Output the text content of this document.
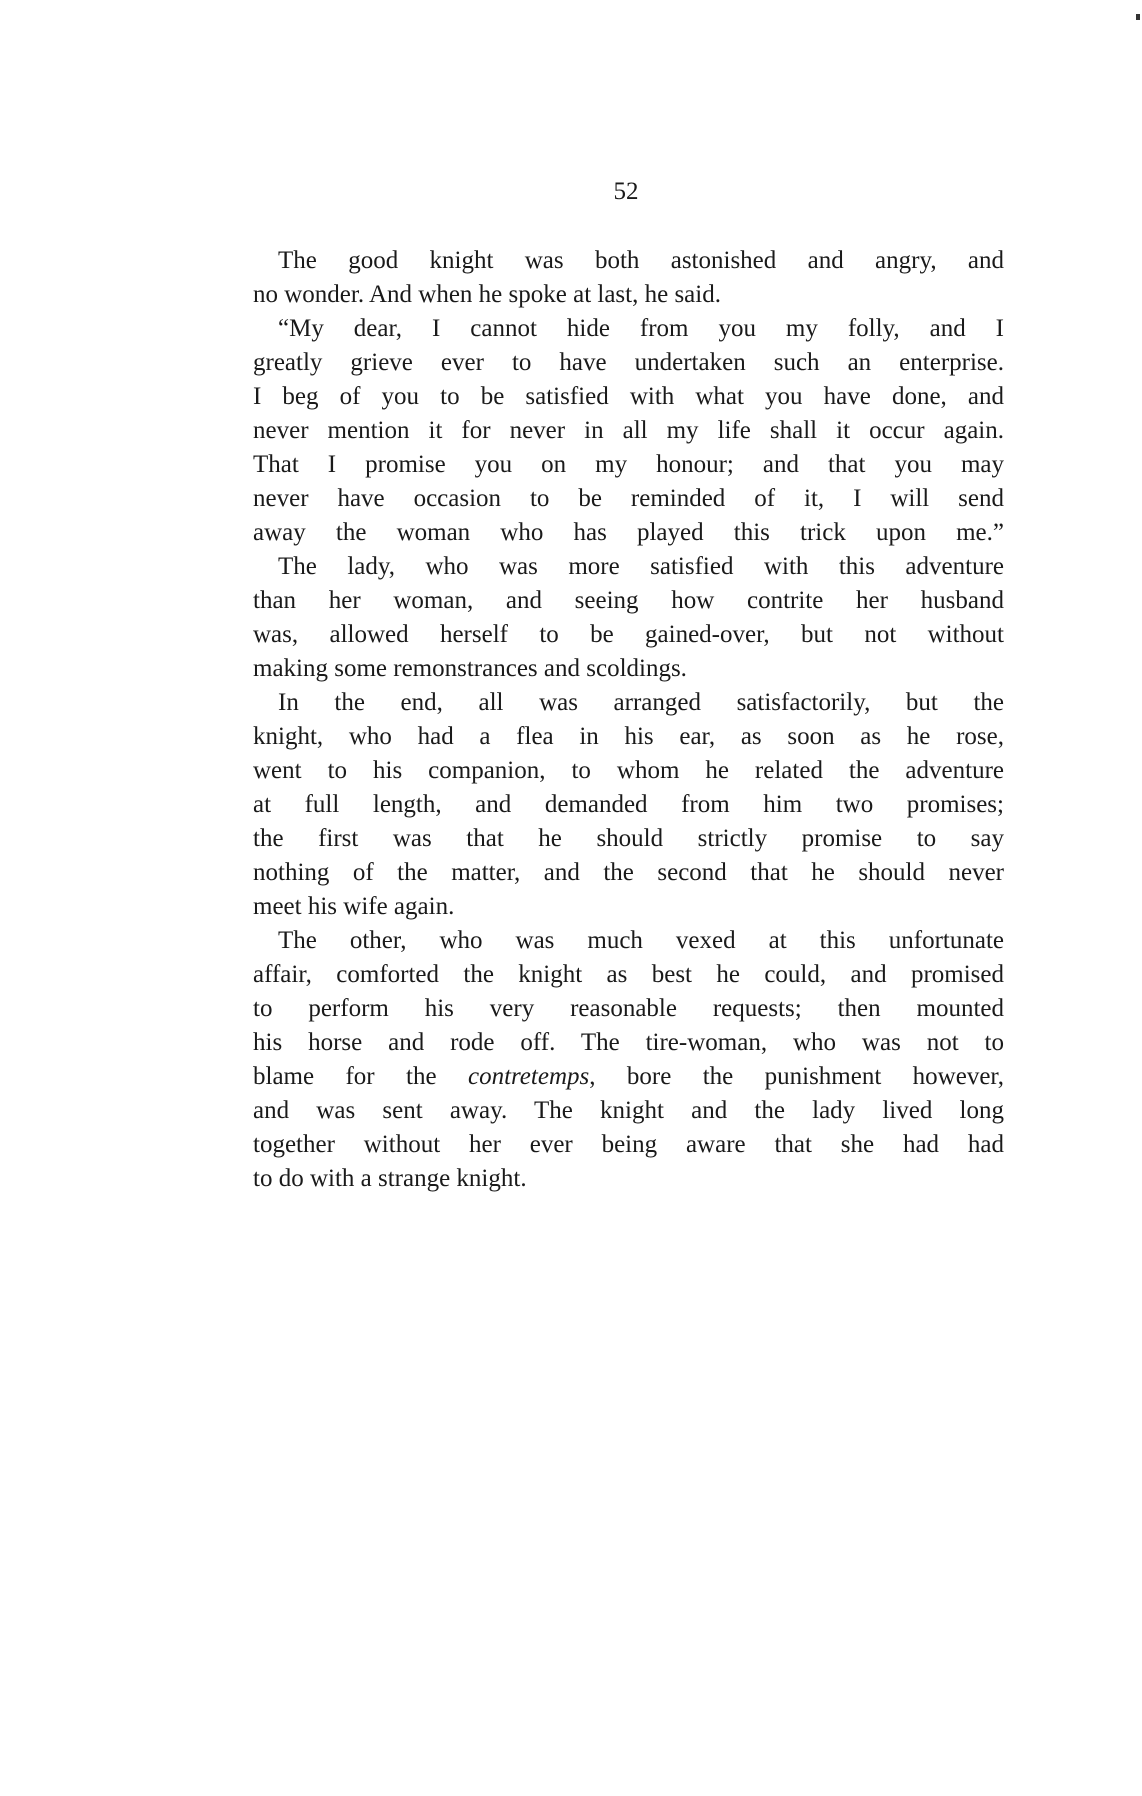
52
The good knight was both astonished and angry, and
no wonder. And when he spoke at last, he said.
“My dear, I cannot hide from you my folly, and I
greatly grieve ever to have undertaken such an enterprise.
I beg of you to be satisfied with what you have done, and
never mention it for never in all my life shall it occur again.
That I promise you on my honour; and that you may
never have occasion to be reminded of it, I will send
away the woman who has played this trick upon me.”
The lady, who was more satisfied with this adventure
than her woman, and seeing how contrite her husband
was, allowed herself to be gained-over, but not without
making some remonstrances and scoldings.
In the end, all was arranged satisfactorily, but the
knight, who had a flea in his ear, as soon as he rose,
went to his companion, to whom he related the adventure
at full length, and demanded from him two promises;
the first was that he should strictly promise to say
nothing of the matter, and the second that he should never
meet his wife again.
The other, who was much vexed at this unfortunate
affair, comforted the knight as best he could, and promised
to perform his very reasonable requests; then mounted
his horse and rode off. The tire-woman, who was not to
blame for the contretemps, bore the punishment however,
and was sent away. The knight and the lady lived long
together without her ever being aware that she had had
to do with a strange knight.
